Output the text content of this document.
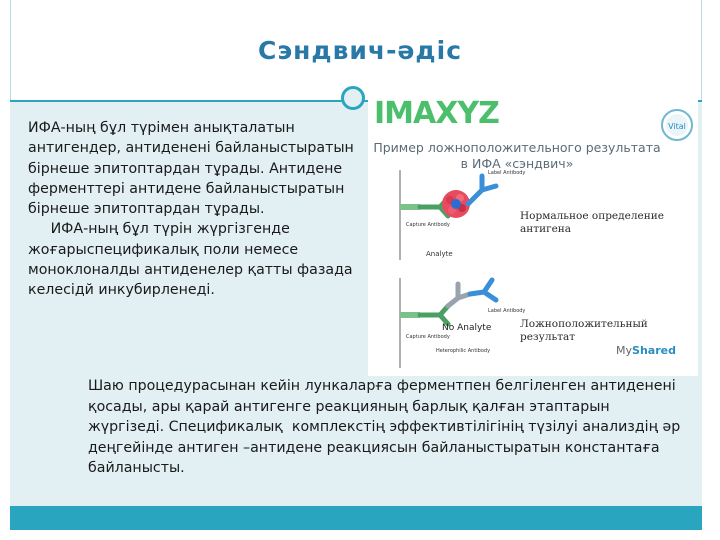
Сэндвич-әдіс
ИФА-ның бұл түрімен анықталатын антигендер, антиденені байланыстыратын бірнеше эпитоптардан тұрады. Антидене ферменттері антидене байланыстыратын бірнеше эпитоптардан тұрады.
ИФА-ның бұл түрін жүргізгенде жоғарыспецификалық поли немесе моноклоналды антиденелер қатты фазада келесідй инкубирленеді.
IMAXYZ	Vital
Пример ложноположительного результата в ИФА «сэндвич»
Label Antibody
Capture Antibody
Analyte
Нормальное определение антигена
Label Antibody
No Analyte
Capture Antibody
Heterophilic Antibody
Ложноположительный результат
MyShared
Шаю процедурасынан кейін лункаларға ферментпен белгіленген антиденені  қосады, ары қарай антигенге реакцияның барлық қалған этаптарын жүргізеді. Спецификалық  комплекстің эффективтілігінің түзілуі анализдің әр деңгейінде антиген –антидене реакциясын байланыстыратын константаға байланысты.
